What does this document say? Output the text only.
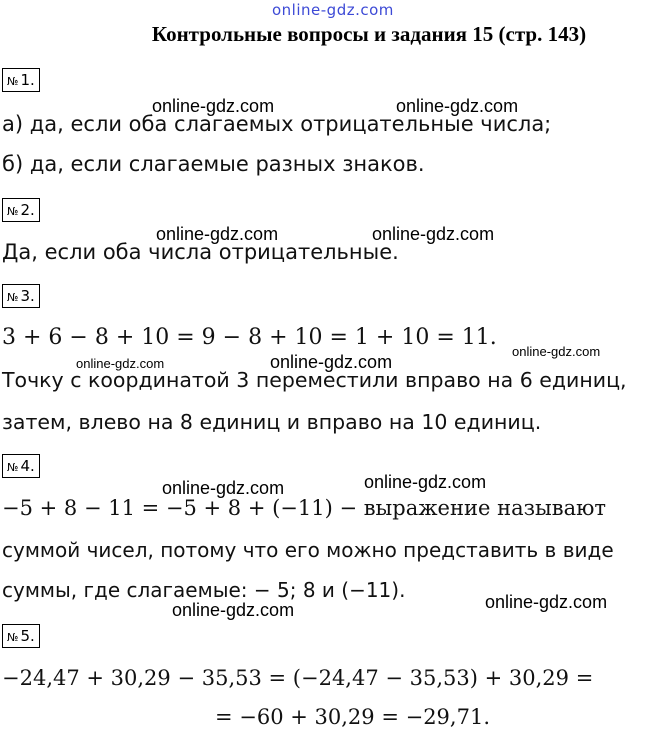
online-gdz.com
Контрольные вопросы и задания 15 (стр. 143)
№ 1.
а) да, если оба слагаемых отрицательные числа;
б) да, если слагаемые разных знаков.
№ 2.
Да, если оба числа отрицательные.
№ 3.
3 + 6 − 8 + 10 = 9 − 8 + 10 = 1 + 10 = 11.
Точку с координатой 3 переместили вправо на 6 единиц,
затем, влево на 8 единиц и вправо на 10 единиц.
№ 4.
−5 + 8 − 11 = −5 + 8 + (−11) − выражение называют
суммой чисел, потому что его можно представить в виде
суммы, где слагаемые: − 5; 8 и (−11).
№ 5.
−24,47 + 30,29 − 35,53 = (−24,47 − 35,53) + 30,29 =
= −60 + 30,29 = −29,71.
online-gdz.com	online-gdz.com
online-gdz.com	online-gdz.com
online-gdz.com	online-gdz.com
online-gdz.com
online-gdz.com	online-gdz.com
online-gdz.com	online-gdz.com
